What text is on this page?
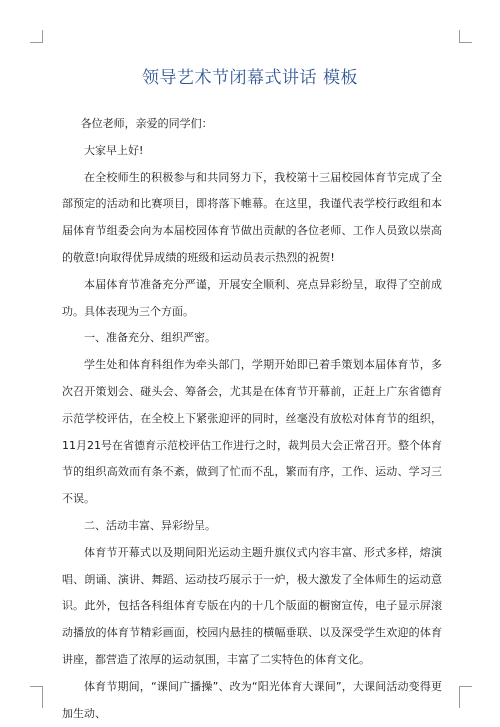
领导艺术节闭幕式讲话 模板

各位老师，亲爱的同学们：

大家早上好!

在全校师生的积极参与和共同努力下，我校第十三届校园体育节完成了全部预定的活动和比赛项目，即将落下帷幕。在这里，我谨代表学校行政组和本届体育节组委会向为本届校园体育节做出贡献的各位老师、工作人员致以崇高的敬意!向取得优异成绩的班级和运动员表示热烈的祝贺!

本届体育节准备充分严谨，开展安全顺利、亮点异彩纷呈，取得了空前成功。具体表现为三个方面。

一、准备充分、组织严密。

学生处和体育科组作为牵头部门，学期开始即已着手策划本届体育节，多次召开策划会、碰头会、筹备会，尤其是在体育节开幕前，正赶上广东省德育示范学校评估，在全校上下紧张迎评的同时，丝毫没有放松对体育节的组织，11月21号在省德育示范校评估工作进行之时，裁判员大会正常召开。整个体育节的组织高效而有条不紊，做到了忙而不乱，繁而有序，工作、运动、学习三不误。

二、活动丰富、异彩纷呈。

体育节开幕式以及期间阳光运动主题升旗仪式内容丰富、形式多样，熔演唱、朗诵、演讲、舞蹈、运动技巧展示于一炉，极大激发了全体师生的运动意识。此外，包括各科组体育专版在内的十几个版面的橱窗宣传，电子显示屏滚动播放的体育节精彩画面，校园内悬挂的横幅垂联、以及深受学生欢迎的体育讲座，都营造了浓厚的运动氛围，丰富了二实特色的体育文化。

体育节期间，“课间广播操”、改为“阳光体育大课间”，大课间活动变得更加生动、
